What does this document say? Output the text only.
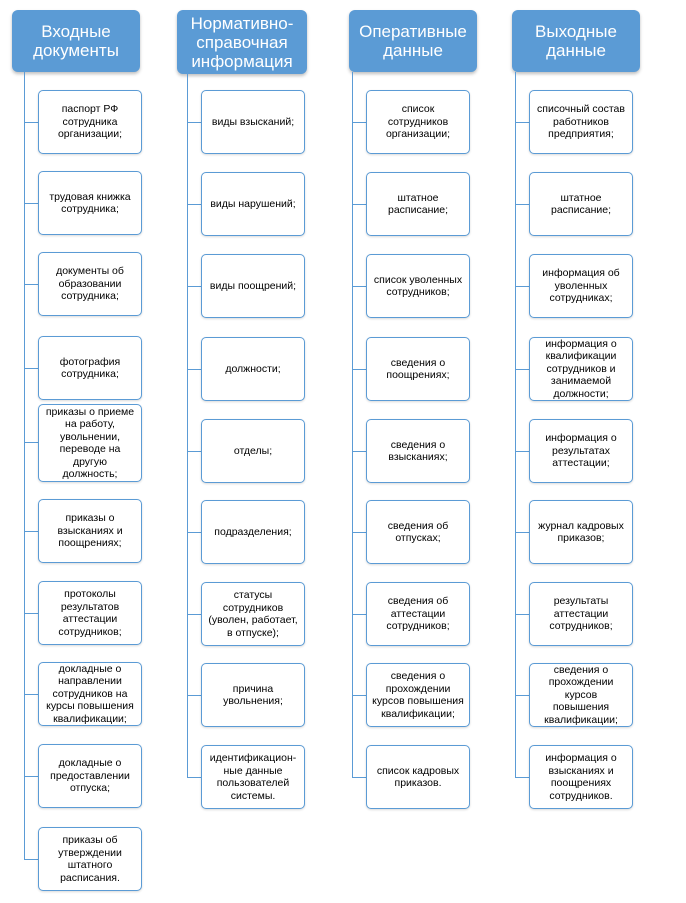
Входные
документы
паспорт РФ
сотрудника
организации;
трудовая книжка
сотрудника;
документы об
образовании
сотрудника;
фотография
сотрудника;
приказы о приеме
на работу,
увольнении,
переводе на
другую
должность;
приказы о
взысканиях и
поощрениях;
протоколы
результатов
аттестации
сотрудников;
докладные о
направлении
сотрудников на
курсы повышения
квалификации;
докладные о
предоставлении
отпуска;
приказы об
утверждении
штатного
расписания.
Нормативно-
справочная
информация
виды взысканий;
виды нарушений;
виды поощрений;
должности;
отделы;
подразделения;
статусы
сотрудников
(уволен, работает,
в отпуске);
причина
увольнения;
идентификацион-
ные данные
пользователей
системы.
Оперативные
данные
список
сотрудников
организации;
штатное
расписание;
список уволенных
сотрудников;
сведения о
поощрениях;
сведения о
взысканиях;
сведения об
отпусках;
сведения об
аттестации
сотрудников;
сведения о
прохождении
курсов повышения
квалификации;
список кадровых
приказов.
Выходные
данные
списочный состав
работников
предприятия;
штатное
расписание;
информация об
уволенных
сотрудниках;
информация о
квалификации
сотрудников и
занимаемой
должности;
информация о
результатах
аттестации;
журнал кадровых
приказов;
результаты
аттестации
сотрудников;
сведения о
прохождении
курсов
повышения
квалификации;
информация о
взысканиях и
поощрениях
сотрудников.
